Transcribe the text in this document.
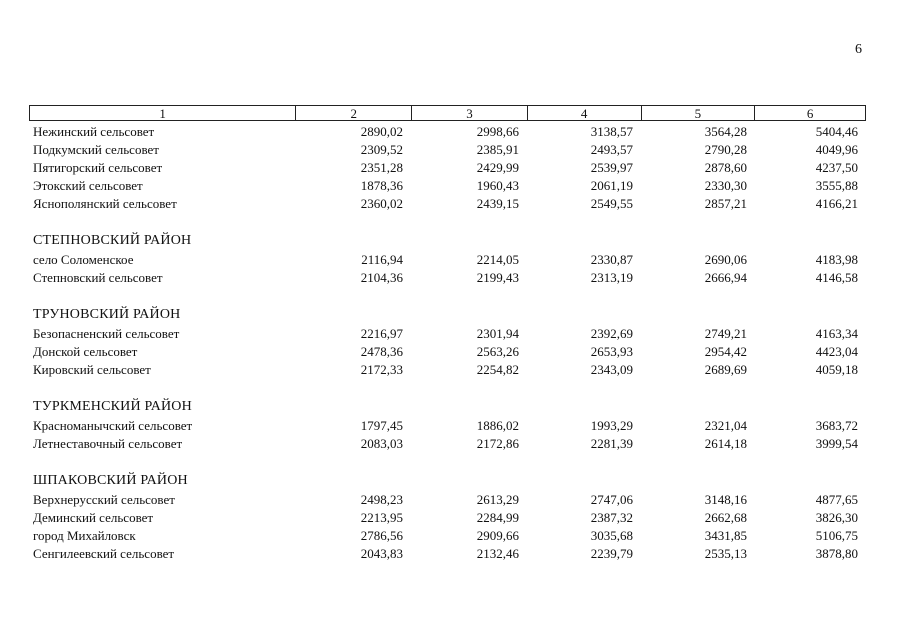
6
1	2	3	4	5	6
Нежинский сельсовет	2890,02	2998,66	3138,57	3564,28	5404,46
Подкумский сельсовет	2309,52	2385,91	2493,57	2790,28	4049,96
Пятигорский сельсовет	2351,28	2429,99	2539,97	2878,60	4237,50
Этокский сельсовет	1878,36	1960,43	2061,19	2330,30	3555,88
Яснополянский сельсовет	2360,02	2439,15	2549,55	2857,21	4166,21
СТЕПНОВСКИЙ РАЙОН
село Соломенское	2116,94	2214,05	2330,87	2690,06	4183,98
Степновский сельсовет	2104,36	2199,43	2313,19	2666,94	4146,58
ТРУНОВСКИЙ РАЙОН
Безопасненский сельсовет	2216,97	2301,94	2392,69	2749,21	4163,34
Донской сельсовет	2478,36	2563,26	2653,93	2954,42	4423,04
Кировский сельсовет	2172,33	2254,82	2343,09	2689,69	4059,18
ТУРКМЕНСКИЙ РАЙОН
Красноманычский сельсовет	1797,45	1886,02	1993,29	2321,04	3683,72
Летнеставочный сельсовет	2083,03	2172,86	2281,39	2614,18	3999,54
ШПАКОВСКИЙ РАЙОН
Верхнерусский сельсовет	2498,23	2613,29	2747,06	3148,16	4877,65
Деминский сельсовет	2213,95	2284,99	2387,32	2662,68	3826,30
город Михайловск	2786,56	2909,66	3035,68	3431,85	5106,75
Сенгилеевский сельсовет	2043,83	2132,46	2239,79	2535,13	3878,80
